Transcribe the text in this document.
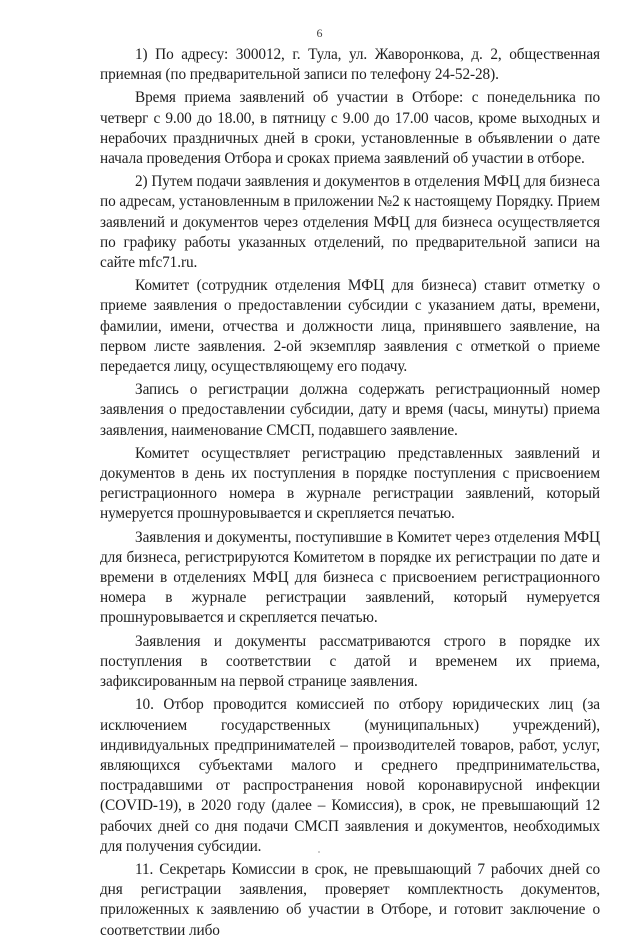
6

1) По адресу: 300012, г. Тула, ул. Жаворонкова, д. 2, общественная приемная (по предварительной записи по телефону 24-52-28).

Время приема заявлений об участии в Отборе: с понедельника по четверг с 9.00 до 18.00, в пятницу с 9.00 до 17.00 часов, кроме выходных и нерабочих праздничных дней в сроки, установленные в объявлении о дате начала проведения Отбора и сроках приема заявлений об участии в отборе.

2) Путем подачи заявления и документов в отделения МФЦ для бизнеса по адресам, установленным в приложении №2 к настоящему Порядку. Прием заявлений и документов через отделения МФЦ для бизнеса осуществляется по графику работы указанных отделений, по предварительной записи на сайте mfc71.ru.

Комитет (сотрудник отделения МФЦ для бизнеса) ставит отметку о приеме заявления о предоставлении субсидии с указанием даты, времени, фамилии, имени, отчества и должности лица, принявшего заявление, на первом листе заявления. 2-ой экземпляр заявления с отметкой о приеме передается лицу, осуществляющему его подачу.

Запись о регистрации должна содержать регистрационный номер заявления о предоставлении субсидии, дату и время (часы, минуты) приема заявления, наименование СМСП, подавшего заявление.

Комитет осуществляет регистрацию представленных заявлений и документов в день их поступления в порядке поступления с присвоением регистрационного номера в журнале регистрации заявлений, который нумеруется прошнуровывается и скрепляется печатью.

Заявления и документы, поступившие в Комитет через отделения МФЦ для бизнеса, регистрируются Комитетом в порядке их регистрации по дате и времени в отделениях МФЦ для бизнеса с присвоением регистрационного номера в журнале регистрации заявлений, который нумеруется прошнуровывается и скрепляется печатью.

Заявления и документы рассматриваются строго в порядке их поступления в соответствии с датой и временем их приема, зафиксированным на первой странице заявления.

10. Отбор проводится комиссией по отбору юридических лиц (за исключением государственных (муниципальных) учреждений), индивидуальных предпринимателей – производителей товаров, работ, услуг, являющихся субъектами малого и среднего предпринимательства, пострадавшими от распространения новой коронавирусной инфекции (COVID-19), в 2020 году (далее – Комиссия), в срок, не превышающий 12 рабочих дней со дня подачи СМСП заявления и документов, необходимых для получения субсидии.

11. Секретарь Комиссии в срок, не превышающий 7 рабочих дней со дня регистрации заявления, проверяет комплектность документов, приложенных к заявлению об участии в Отборе, и готовит заключение о соответствии либо
